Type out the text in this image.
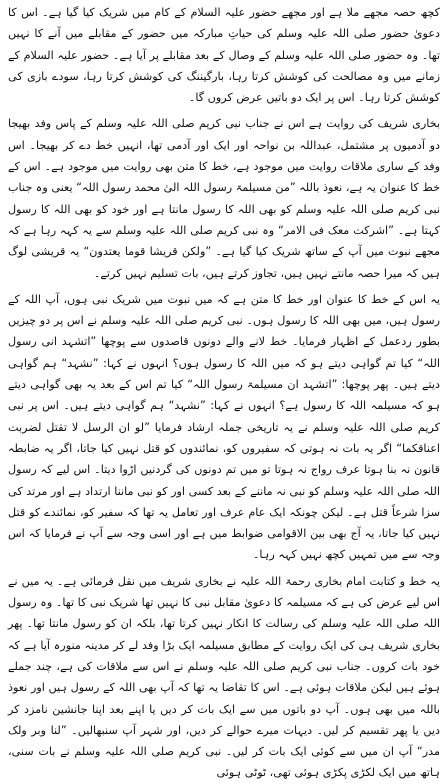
کچھ حصہ مجھے ملا ہے اور مجھے حضور علیہ السلام کے کام میں شریک کیا گیا ہے۔ اس کا دعویٰ حضور صلی اللہ علیہ وسلم کی حیاتِ مبارکہ میں حضور کے مقابلے میں آنے کا نہیں تھا۔ وہ حضور صلی اللہ علیہ وسلم کے وصال کے بعد مقابلے پر آیا ہے۔ حضور علیہ السلام کے زمانے میں وہ مصالحت کی کوشش کرتا رہا، بارگیننگ کی کوشش کرتا رہا، سودے بازی کی کوشش کرتا رہا۔ اس پر ایک دو باتیں عرض کروں گا۔

بخاری شریف کی روایت ہے اس نے جناب نبی کریم صلی اللہ علیہ وسلم کے پاس وفد بھیجا دو آدمیوں پر مشتمل، عبداللہ بن نواحہ اور ایک اور آدمی تھا، انہیں خط دے کر بھیجا۔ اس وفد کے ساری ملاقات روایت میں موجود ہے، خط کا متن بھی روایت میں موجود ہے۔ اس کے خط کا عنوان یہ ہے، نعوذ باللہ ”من مسیلمۃ رسول اللہ الیٰ محمد رسول اللہ“ یعنی وہ جناب نبی کریم صلی اللہ علیہ وسلم کو بھی اللہ کا رسول مانتا ہے اور خود کو بھی اللہ کا رسول کہتا ہے۔ ”اشرکت معک فی الامر“ وہ نبی کریم صلی اللہ علیہ وسلم سے یہ کہہ رہا ہے کہ مجھے نبوت میں آپ کے ساتھ شریک کیا گیا ہے۔ ”ولکن قریشا قوما یعتدون“ یہ قریشی لوگ ہیں کہ میرا حصہ مانتے نہیں ہیں، تجاوز کرتے ہیں، بات تسلیم نہیں کرتے۔

یہ اس کے خط کا عنوان اور خط کا متن ہے کہ میں نبوت میں شریک نبی ہوں، آپ اللہ کے رسول ہیں، میں بھی اللہ کا رسول ہوں۔ نبی کریم صلی اللہ علیہ وسلم نے اس پر دو چیزیں بطور ردعمل کے اظہار فرمایا۔ خط لانے والے دونوں قاصدوں سے پوچھا ”اتشہد انی رسول اللہ“ کیا تم گواہی دیتے ہو کہ میں اللہ کا رسول ہوں؟ انہوں نے کہا: ”نشہد“ ہم گواہی دیتے ہیں۔ پھر پوچھا: ”اتشہد ان مسیلمۃ رسول اللہ“ کیا تم اس کے بعد یہ بھی گواہی دیتے ہو کہ مسیلمہ اللہ کا رسول ہے؟ انہوں نے کہا: ”نشہد“ ہم گواہی دیتے ہیں۔ اس پر نبی کریم صلی اللہ علیہ وسلم نے یہ تاریخی جملہ ارشاد فرمایا ”لو ان الرسل لا تقتل لضربت اعناقکما“ اگر یہ بات نہ ہوتی کہ سفیروں کو، نمائندوں کو قتل نہیں کیا جاتا، اگر یہ ضابطہ قانون نہ بنا ہوتا عرف رواج نہ ہوتا تو میں تم دونوں کی گردنیں اڑوا دیتا۔ اس لیے کہ رسول اللہ صلی اللہ علیہ وسلم کو نبی نہ ماننے کے بعد کسی اور کو نبی ماننا ارتداد ہے اور مرتد کی سزا شرعاً قتل ہے۔ لیکن چونکہ ایک عام عرف اور تعامل یہ تھا کہ سفیر کو، نمائندے کو قتل نہیں کیا جاتا، یہ آج بھی بین الاقوامی ضوابط میں ہے اور اسی وجہ سے آپ نے فرمایا کہ اس وجہ سے میں تمہیں کچھ نہیں کہہ رہا۔

یہ خط و کتابت امام بخاری رحمۃ اللہ علیہ نے بخاری شریف میں نقل فرمائی ہے۔ یہ میں نے اس لیے عرض کی ہے کہ مسیلمہ کا دعویٰ مقابل نبی کا نہیں تھا شریک نبی کا تھا۔ وہ رسول اللہ صلی اللہ علیہ وسلم کی رسالت کا انکار نہیں کرتا تھا، بلکہ ان کو رسول مانتا تھا۔ پھر بخاری شریف ہی کی ایک روایت کے مطابق مسیلمہ ایک بڑا وفد لے کر مدینہ منورہ آیا ہے کہ خود بات کروں۔ جناب نبی کریم صلی اللہ علیہ وسلم نے اس سے ملاقات کی ہے، چند جملے ہوئے ہیں لیکن ملاقات ہوئی ہے۔ اس کا تقاضا یہ تھا کہ آپ بھی اللہ کے رسول ہیں اور نعوذ باللہ میں بھی ہوں۔ آپ دو باتوں میں سے ایک بات کر دیں یا اپنے بعد اپنا جانشین نامزد کر دیں یا پھر تقسیم کر لیں۔ دیہات میرے حوالے کر دیں، اور شہر آپ سنبھالیں۔ ”لنا وبر ولک مدر“ آپ ان میں سے کوئی ایک بات کر لیں۔ نبی کریم صلی اللہ علیہ وسلم نے بات سنی، ہاتھ میں ایک لکڑی پکڑی ہوئی تھی، ٹوٹی ہوئی
